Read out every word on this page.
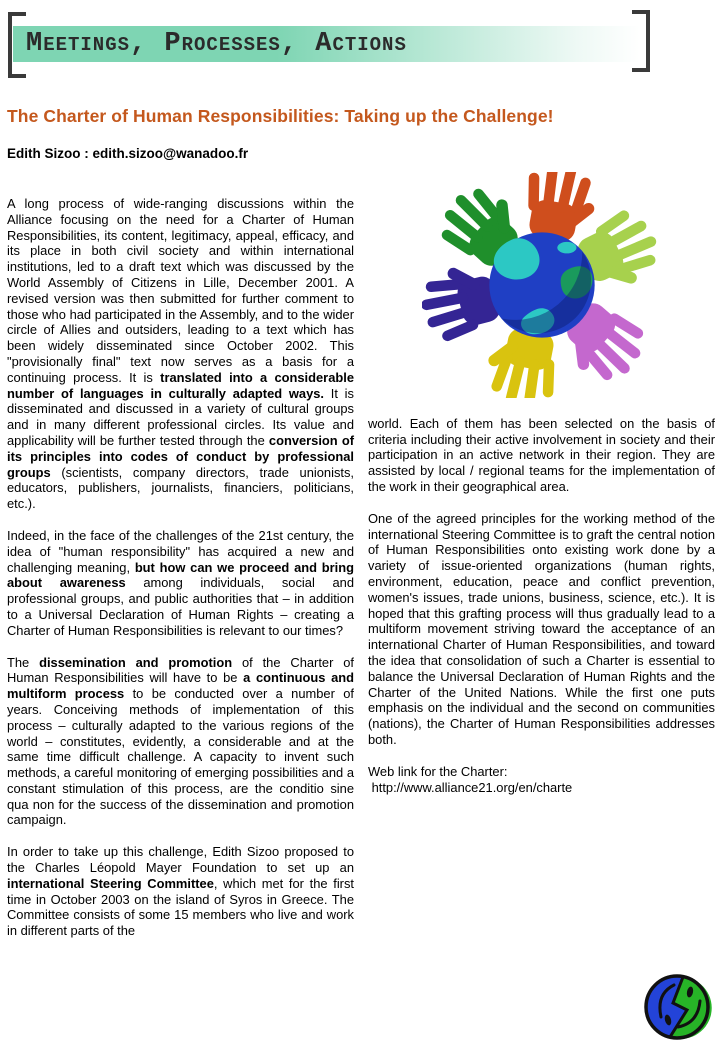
Meetings, Processes, Actions
The Charter of Human Responsibilities: Taking up the Challenge!
Edith Sizoo : edith.sizoo@wanadoo.fr

A long process of wide-ranging discussions within the Alliance focusing on the need for a Charter of Human Responsibilities, its content, legitimacy, appeal, efficacy, and its place in both civil society and within international institutions, led to a draft text which was discussed by the World Assembly of Citizens in Lille, December 2001. A revised version was then submitted for further comment to those who had participated in the Assembly, and to the wider circle of Allies and outsiders, leading to a text which has been widely disseminated since October 2002. This "provisionally final" text now serves as a basis for a continuing process. It is translated into a considerable number of languages in culturally adapted ways. It is disseminated and discussed in a variety of cultural groups and in many different professional circles. Its value and applicability will be further tested through the conversion of its principles into codes of conduct by professional groups (scientists, company directors, trade unionists, educators, publishers, journalists, financiers, politicians, etc.).

Indeed, in the face of the challenges of the 21st century, the idea of "human responsibility" has acquired a new and challenging meaning, but how can we proceed and bring about awareness among individuals, social and professional groups, and public authorities that – in addition to a Universal Declaration of Human Rights – creating a Charter of Human Responsibilities is relevant to our times?

The dissemination and promotion of the Charter of Human Responsibilities will have to be a continuous and multiform process to be conducted over a number of years. Conceiving methods of implementation of this process – culturally adapted to the various regions of the world – constitutes, evidently, a considerable and at the same time difficult challenge. A capacity to invent such methods, a careful monitoring of emerging possibilities and a constant stimulation of this process, are the conditio sine qua non for the success of the dissemination and promotion campaign.

In order to take up this challenge, Edith Sizoo proposed to the Charles Léopold Mayer Foundation to set up an international Steering Committee, which met for the first time in October 2003 on the island of Syros in Greece. The Committee consists of some 15 members who live and work in different parts of the

world. Each of them has been selected on the basis of criteria including their active involvement in society and their participation in an active network in their region. They are assisted by local / regional teams for the implementation of the work in their geographical area.

One of the agreed principles for the working method of the international Steering Committee is to graft the central notion of Human Responsibilities onto existing work done by a variety of issue-oriented organizations (human rights, environment, education, peace and conflict prevention, women's issues, trade unions, business, science, etc.). It is hoped that this grafting process will thus gradually lead to a multiform movement striving toward the acceptance of an international Charter of Human Responsibilities, and toward the idea that consolidation of such a Charter is essential to balance the Universal Declaration of Human Rights and the Charter of the United Nations. While the first one puts emphasis on the individual and the second on communities (nations), the Charter of Human Responsibilities addresses both.

Web link for the Charter:
http://www.alliance21.org/en/charte
